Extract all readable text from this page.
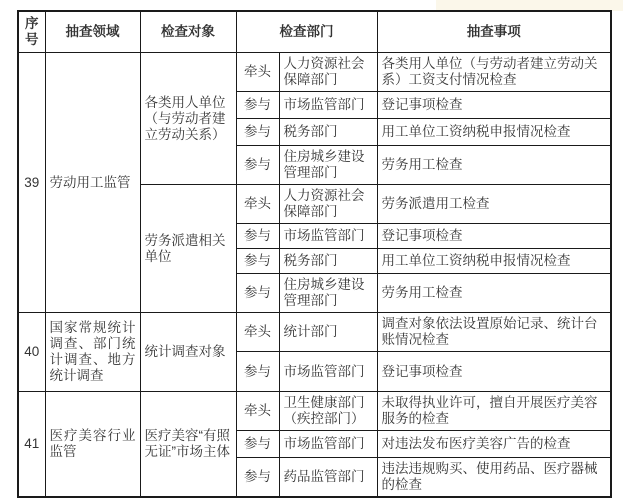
序号	抽查领域	检查对象	检查部门		抽查事项
39	劳动用工监管	各类用人单位（与劳动者建立劳动关系）	牵头	人力资源社会保障部门	各类用人单位（与劳动者建立劳动关系）工资支付情况检查
			参与	市场监管部门	登记事项检查
			参与	税务部门	用工单位工资纳税申报情况检查
			参与	住房城乡建设管理部门	劳务用工检查
		劳务派遣相关单位	牵头	人力资源社会保障部门	劳务派遣用工检查
			参与	市场监管部门	登记事项检查
			参与	税务部门	用工单位工资纳税申报情况检查
			参与	住房城乡建设管理部门	劳务用工检查
40	国家常规统计调查、部门统计调查、地方统计调查	统计调查对象	牵头	统计部门	调查对象依法设置原始记录、统计台账情况检查
			参与	市场监管部门	登记事项检查
41	医疗美容行业监管	医疗美容“有照无证”市场主体	牵头	卫生健康部门（疾控部门）	未取得执业许可，擅自开展医疗美容服务的检查
			参与	市场监管部门	对违法发布医疗美容广告的检查
			参与	药品监管部门	违法违规购买、使用药品、医疗器械的检查
